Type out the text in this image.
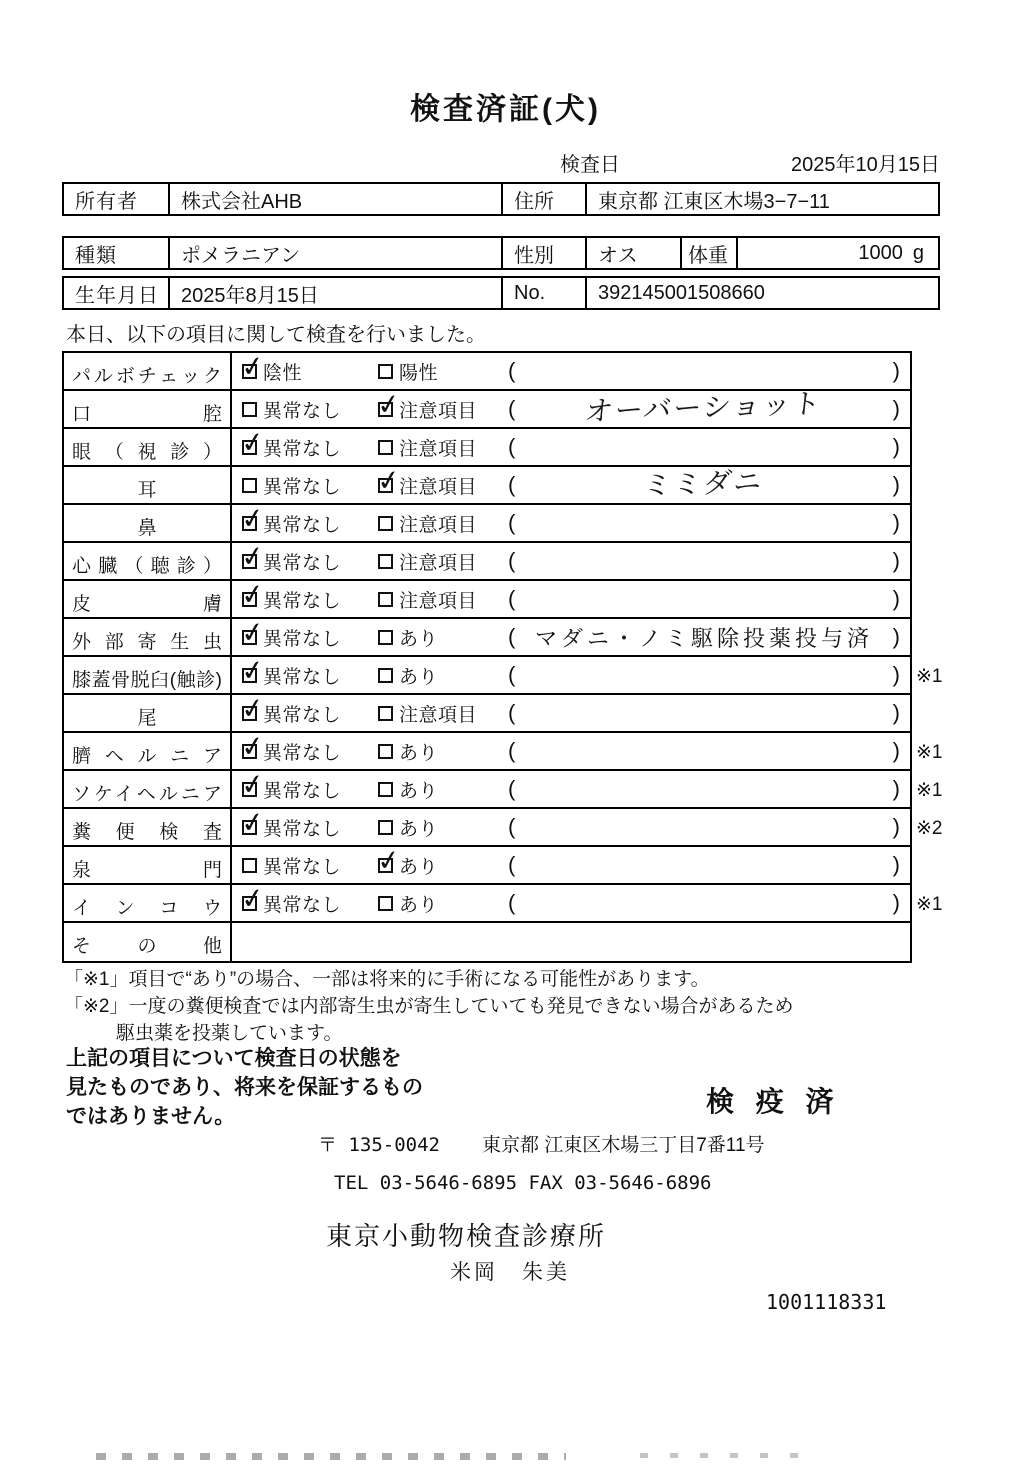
検査済証(犬)
検査日	2025年10月15日
所有者	株式会社AHB	住所	東京都 江東区木場3−7−11
種類	ポメラニアン	性別	オス	体重	1000 g
生年月日	2025年8月15日	No.	392145001508660
本日、以下の項目に関して検査を行いました。
パルボチェック ✓	陰性	陽性	(	)
口腔	異常なし ✓	注意項目 (	オーバーショット	)
眼（視診） ✓	異常なし	注意項目 (	)
耳	異常なし ✓	注意項目 (	ミミダニ	)
鼻 ✓	異常なし	注意項目 (	)
心臓（聴診） ✓	異常なし	注意項目 (	)
皮膚 ✓	異常なし	注意項目 (	)
外部寄生虫 ✓	異常なし	あり	( マダニ・ノミ駆除投薬投与済 )
膝蓋骨脱臼(触診) ✓	異常なし	あり	(	) ※1
尾 ✓	異常なし	注意項目 (	)
臍ヘルニア ✓	異常なし	あり	(	) ※1
ソケイヘルニア ✓	異常なし	あり	(	) ※1
糞便検査 ✓	異常なし	あり	(	) ※2
泉門	異常なし ✓	あり	(	)
インコウ ✓	異常なし	あり	(	) ※1
その他
「※1」項目で“あり”の場合、一部は将来的に手術になる可能性があります。
「※2」一度の糞便検査では内部寄生虫が寄生していても発見できない場合があるため
駆虫薬を投薬しています。
上記の項目について検査日の状態を
見たものであり、将来を保証するもの
ではありません。	検 疫 済
〒 135-0042 東京都 江東区木場三丁目7番11号
TEL 03-5646-6895 FAX 03-5646-6896
東京小動物検査診療所
米岡　朱美
1001118331
